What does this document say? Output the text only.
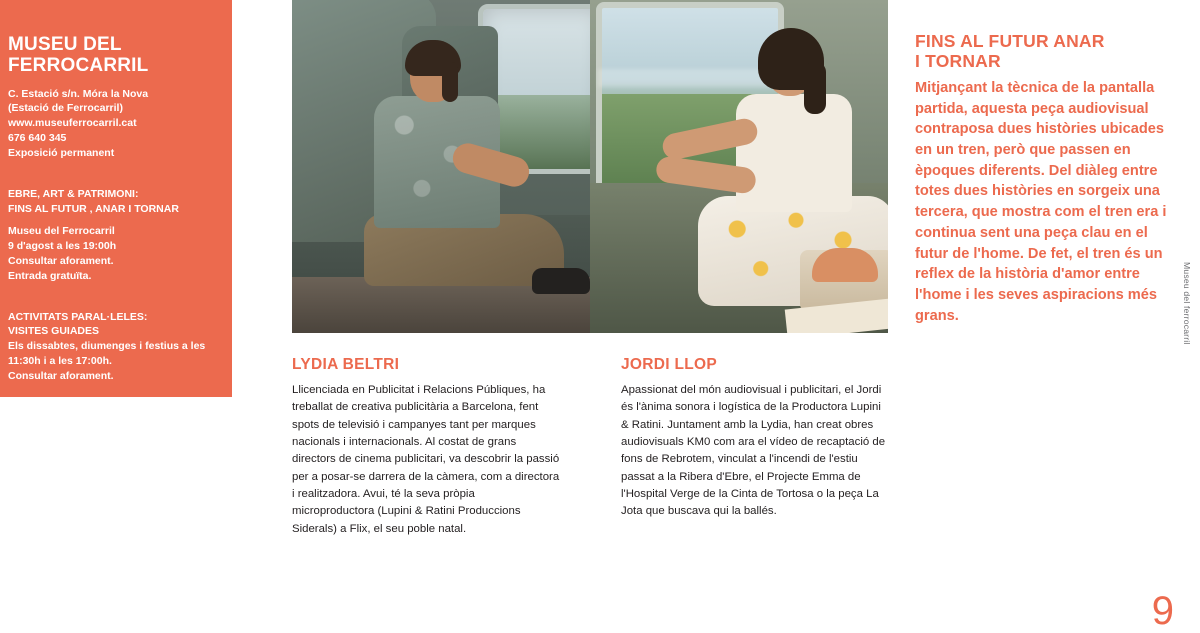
MUSEU DEL
FERROCARRIL
C. Estació s/n. Móra la Nova
(Estació de Ferrocarril)
www.museuferrocarril.cat
676 640 345
Exposició permanent
EBRE, ART & PATRIMONI:
FINS AL FUTUR , ANAR I TORNAR
Museu del Ferrocarril
9 d'agost a les 19:00h
Consultar aforament.
Entrada gratuïta.
ACTIVITATS PARAL·LELES:
VISITES GUIADES
Els dissabtes, diumenges i festius a les
11:30h i a les 17:00h.
Consultar aforament.
LYDIA BELTRI

Llicenciada en Publicitat i Relacions Públiques, ha treballat de creativa publicitària a Barcelona, fent spots de televisió i campanyes tant per marques nacionals i internacionals. Al costat de grans directors de cinema publicitari, va descobrir la passió per a posar-se darrera de la càmera, com a directora i realitzadora. Avui, té la seva pròpia microproductora (Lupini & Ratini Produccions Siderals) a Flix, el seu poble natal.

JORDI LLOP

Apassionat del món audiovisual i publicitari, el Jordi és l'ànima sonora i logística de la Productora Lupini & Ratini. Juntament amb la Lydia, han creat obres audiovisuals KM0 com ara el vídeo de recaptació de fons de Rebrotem, vinculat a l'incendi de l'estiu passat a la Ribera d'Ebre, el Projecte Emma de l'Hospital Verge de la Cinta de Tortosa o la peça La Jota que buscava qui la ballés.

FINS AL FUTUR ANAR
I TORNAR

Mitjançant la tècnica de la pantalla partida, aquesta peça audiovisual contraposa dues històries ubicades en un tren, però que passen en èpoques diferents. Del diàleg entre totes dues històries en sorgeix una tercera, que mostra com el tren era i continua sent una peça clau en el futur de l'home. De fet, el tren és un reflex de la història d'amor entre l'home i les seves aspiracions més grans.	Museu del ferrocarril
9
